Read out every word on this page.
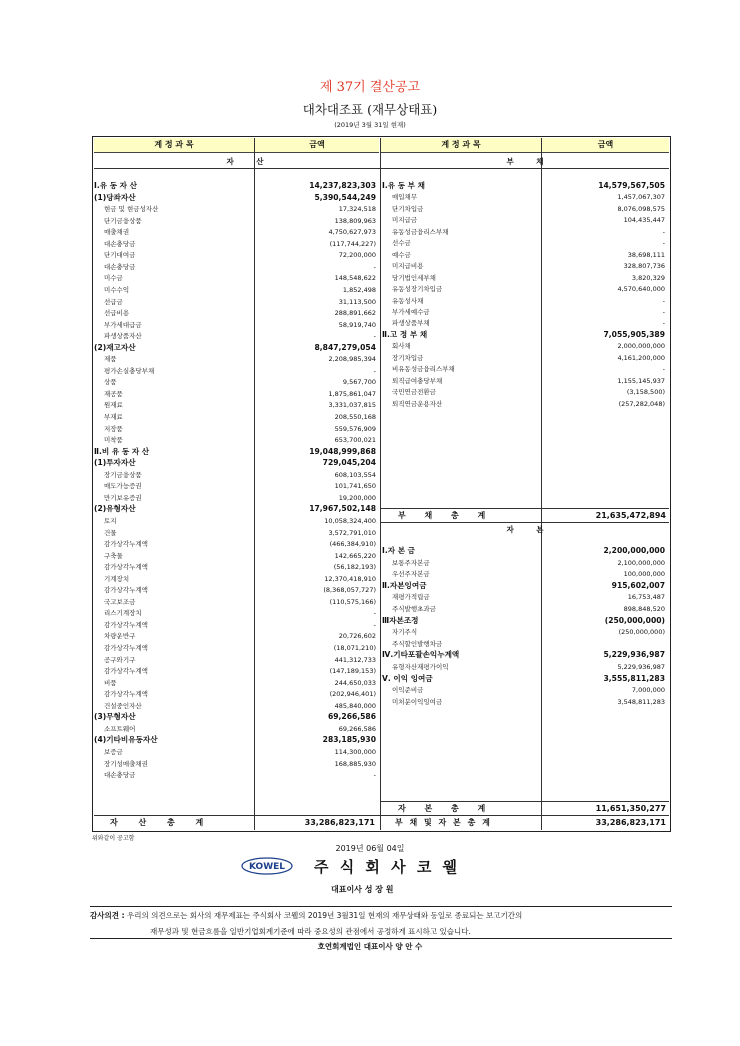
제 37기 결산공고
대차대조표 (재무상태표)
(2019년 3월 31일 현재)
계 정 과 목	금액	계 정 과 목	금액
자 산	부 채
Ⅰ.유 동 자 산	14,237,823,303
(1)당좌자산	5,390,544,249
현금 및 현금성자산	17,324,518
단기금융상품	138,809,963
매출채권	4,750,627,973
대손충당금	(117,744,227)
단기대여금	72,200,000
대손충당금	-
미수금	148,548,622
미수수익	1,852,498
선급금	31,113,500
선급비용	288,891,662
부가세대급금	58,919,740
파생상품자산	-
(2)재고자산	8,847,279,054
제품	2,208,985,394
평가손실충당부채	-
상품	9,567,700
재공품	1,875,861,047
원재료	3,331,037,815
부재료	208,550,168
저장품	559,576,909
미착품	653,700,021
Ⅱ.비 유 동 자 산	19,048,999,868
(1)투자자산	729,045,204
장기금융상품	608,103,554
매도가능증권	101,741,650
만기보유증권	19,200,000
(2)유형자산	17,967,502,148
토지	10,058,324,400
건물	3,572,791,010
감가상각누계액	(466,384,910)
구축물	142,665,220
감가상각누계액	(56,182,193)
기계장치	12,370,418,910
감가상각누계액	(8,368,057,727)
국고보조금	(110,575,166)
리스기계장치	-
감가상각누계액	-
차량운반구	20,726,602
감가상각누계액	(18,071,210)
공구와기구	441,312,733
감가상각누계액	(147,189,153)
비품	244,650,033
감가상각누계액	(202,946,401)
건설중인자산	485,840,000
(3)무형자산	69,266,586
소프트웨어	69,266,586
(4)기타비유동자산	283,185,930
보증금	114,300,000
장기성매출채권	168,885,930
대손충당금	-
Ⅰ.유 동 부 채	14,579,567,505
매입채무	1,457,067,307
단기차입금	8,076,098,575
미지급금	104,435,447
유동성금융리스부채	-
선수금	-
예수금	38,698,111
미지급비용	328,807,736
당기법인세부채	3,820,329
유동성장기차입금	4,570,640,000
유동성사채	-
부가세예수금	-
파생상품부채	-
Ⅱ.고 정 부 채	7,055,905,389
회사채	2,000,000,000
장기차입금	4,161,200,000
비유동성금융리스부채	-
퇴직급여충당부채	1,155,145,937
국민연금전환금	(3,158,500)
퇴직연금운용자산	(257,282,048)
Ⅰ.자 본 금	2,200,000,000
보통주자본금	2,100,000,000
우선주자본금	100,000,000
Ⅱ.자본잉여금	915,602,007
재평가적립금	16,753,487
주식발행초과금	898,848,520
Ⅲ자본조정	(250,000,000)
자기주식	(250,000,000)
주식할인발행차금
Ⅳ.기타포괄손익누계액	5,229,936,987
유형자산재평가이익	5,229,936,987
Ⅴ. 이익 잉여금	3,555,811,283
이익준비금	7,000,000
미처분이익잉여금	3,548,811,283
부 채 총 계	21,635,472,894
자 본
자 본 총 계	11,651,350,277
자 산 총 계	33,286,823,171	부 채 및 자 본 총 계	33,286,823,171
위와같이 공고함
2019년 06월 04일
KOWEL 주 식 회 사 코 웰
대표이사 성 장 원
감사의견 : 우리의 의견으로는 회사의 재무제표는 주식회사 코웰의 2019년 3월31일 현재의 재무상태와 동일로 종료되는 보고기간의
재무성과 및 현금흐름을 일반기업회계기준에 따라 중요성의 관점에서 공정하게 표시하고 있습니다.
호연회계법인 대표이사 양 안 수
